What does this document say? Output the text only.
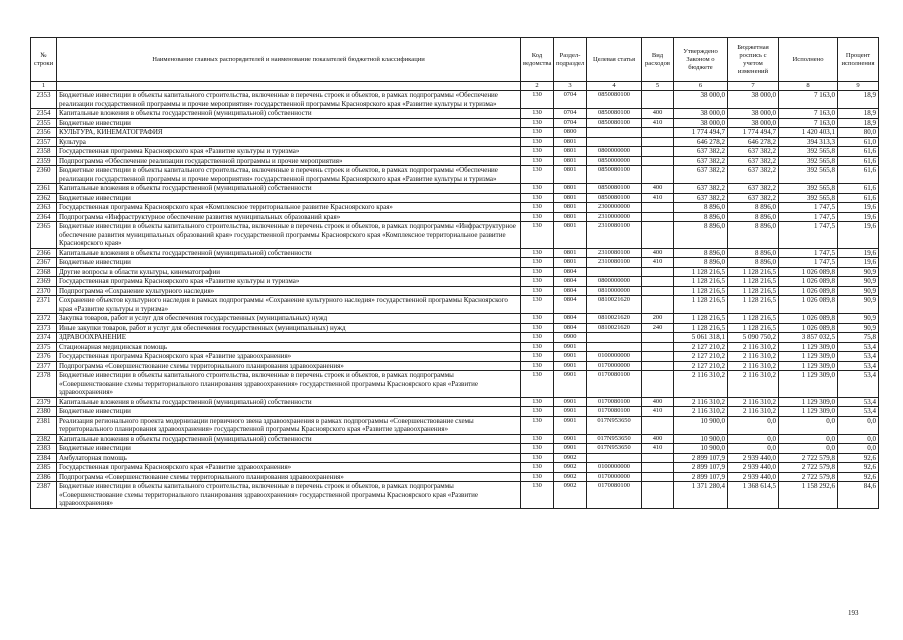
№ строки	Наименование главных распорядителей и наименование показателей бюджетной классификации	Код ведомства	Раздел-подраздел	Целевая статья	Вид расходов	Утверждено Законом о бюджете	Бюджетная роспись с учетом изменений	Исполнено	Процент исполнения
1		2	3	4	5	6	7	8	9
2353	Бюджетные инвестиции в объекты капитального строительства, включенные в перечень строек и объектов, в рамках подпрограммы «Обеспечение реализации государственной программы и прочие мероприятия» государственной программы Красноярского края «Развитие культуры и туризма»	130	0704	0850080100		38 000,0	38 000,0	7 163,0	18,9
2354	Капитальные вложения в объекты государственной (муниципальной) собственности	130	0704	0850080100	400	38 000,0	38 000,0	7 163,0	18,9
2355	Бюджетные инвестиции	130	0704	0850080100	410	38 000,0	38 000,0	7 163,0	18,9
2356	КУЛЬТУРА, КИНЕМАТОГРАФИЯ	130	0800			1 774 494,7	1 774 494,7	1 420 403,1	80,0
2357	Культура	130	0801			646 278,2	646 278,2	394 313,3	61,0
2358	Государственная программа Красноярского края «Развитие культуры и туризма»	130	0801	0800000000		637 382,2	637 382,2	392 565,8	61,6
2359	Подпрограмма «Обеспечение реализации государственной программы и прочие мероприятия»	130	0801	0850000000		637 382,2	637 382,2	392 565,8	61,6
2360	Бюджетные инвестиции в объекты капитального строительства, включенные в перечень строек и объектов, в рамках подпрограммы «Обеспечение реализации государственной программы и прочие мероприятия» государственной программы Красноярского края «Развитие культуры и туризма»	130	0801	0850080100		637 382,2	637 382,2	392 565,8	61,6
2361	Капитальные вложения в объекты государственной (муниципальной) собственности	130	0801	0850080100	400	637 382,2	637 382,2	392 565,8	61,6
2362	Бюджетные инвестиции	130	0801	0850080100	410	637 382,2	637 382,2	392 565,8	61,6
2363	Государственная программа Красноярского края «Комплексное территориальное развитие Красноярского края»	130	0801	2300000000		8 896,0	8 896,0	1 747,5	19,6
2364	Подпрограмма «Инфраструктурное обеспечение развития муниципальных образований края»	130	0801	2310000000		8 896,0	8 896,0	1 747,5	19,6
2365	Бюджетные инвестиции в объекты капитального строительства, включенные в перечень строек и объектов, в рамках подпрограммы «Инфраструктурное обеспечение развития муниципальных образований края» государственной программы Красноярского края «Комплексное территориальное развитие Красноярского края»	130	0801	2310080100		8 896,0	8 896,0	1 747,5	19,6
2366	Капитальные вложения в объекты государственной (муниципальной) собственности	130	0801	2310080100	400	8 896,0	8 896,0	1 747,5	19,6
2367	Бюджетные инвестиции	130	0801	2310080100	410	8 896,0	8 896,0	1 747,5	19,6
2368	Другие вопросы в области культуры, кинематографии	130	0804			1 128 216,5	1 128 216,5	1 026 089,8	90,9
2369	Государственная программа Красноярского края «Развитие культуры и туризма»	130	0804	0800000000		1 128 216,5	1 128 216,5	1 026 089,8	90,9
2370	Подпрограмма «Сохранение культурного наследия»	130	0804	0810000000		1 128 216,5	1 128 216,5	1 026 089,8	90,9
2371	Сохранение объектов культурного наследия в рамках подпрограммы «Сохранение культурного наследия» государственной программы Красноярского края «Развитие культуры и туризма»	130	0804	0810021620		1 128 216,5	1 128 216,5	1 026 089,8	90,9
2372	Закупка товаров, работ и услуг для обеспечения государственных (муниципальных) нужд	130	0804	0810021620	200	1 128 216,5	1 128 216,5	1 026 089,8	90,9
2373	Иные закупки товаров, работ и услуг для обеспечения государственных (муниципальных) нужд	130	0804	0810021620	240	1 128 216,5	1 128 216,5	1 026 089,8	90,9
2374	ЗДРАВООХРАНЕНИЕ	130	0900			5 061 318,1	5 090 750,2	3 857 032,5	75,8
2375	Стационарная медицинская помощь	130	0901			2 127 210,2	2 116 310,2	1 129 309,0	53,4
2376	Государственная программа Красноярского края «Развитие здравоохранения»	130	0901	0100000000		2 127 210,2	2 116 310,2	1 129 309,0	53,4
2377	Подпрограмма «Совершенствование схемы территориального планирования здравоохранения»	130	0901	0170000000		2 127 210,2	2 116 310,2	1 129 309,0	53,4
2378	Бюджетные инвестиции в объекты капитального строительства, включенные в перечень строек и объектов, в рамках подпрограммы «Совершенствование схемы территориального планирования здравоохранения» государственной программы Красноярского края «Развитие здравоохранения»	130	0901	0170080100		2 116 310,2	2 116 310,2	1 129 309,0	53,4
2379	Капитальные вложения в объекты государственной (муниципальной) собственности	130	0901	0170080100	400	2 116 310,2	2 116 310,2	1 129 309,0	53,4
2380	Бюджетные инвестиции	130	0901	0170080100	410	2 116 310,2	2 116 310,2	1 129 309,0	53,4
2381	Реализация регионального проекта модернизации первичного звена здравоохранения в рамках подпрограммы «Совершенствование схемы территориального планирования здравоохранения» государственной программы Красноярского края «Развитие здравоохранения»	130	0901	017N953650		10 900,0	0,0	0,0	0,0
2382	Капитальные вложения в объекты государственной (муниципальной) собственности	130	0901	017N953650	400	10 900,0	0,0	0,0	0,0
2383	Бюджетные инвестиции	130	0901	017N953650	410	10 900,0	0,0	0,0	0,0
2384	Амбулаторная помощь	130	0902			2 899 107,9	2 939 440,0	2 722 579,8	92,6
2385	Государственная программа Красноярского края «Развитие здравоохранения»	130	0902	0100000000		2 899 107,9	2 939 440,0	2 722 579,8	92,6
2386	Подпрограмма «Совершенствование схемы территориального планирования здравоохранения»	130	0902	0170000000		2 899 107,9	2 939 440,0	2 722 579,8	92,6
2387	Бюджетные инвестиции в объекты капитального строительства, включенные в перечень строек и объектов, в рамках подпрограммы «Совершенствование схемы территориального планирования здравоохранения» государственной программы Красноярского края «Развитие здравоохранения»	130	0902	0170080100		1 371 280,4	1 368 614,5	1 158 292,6	84,6
193
